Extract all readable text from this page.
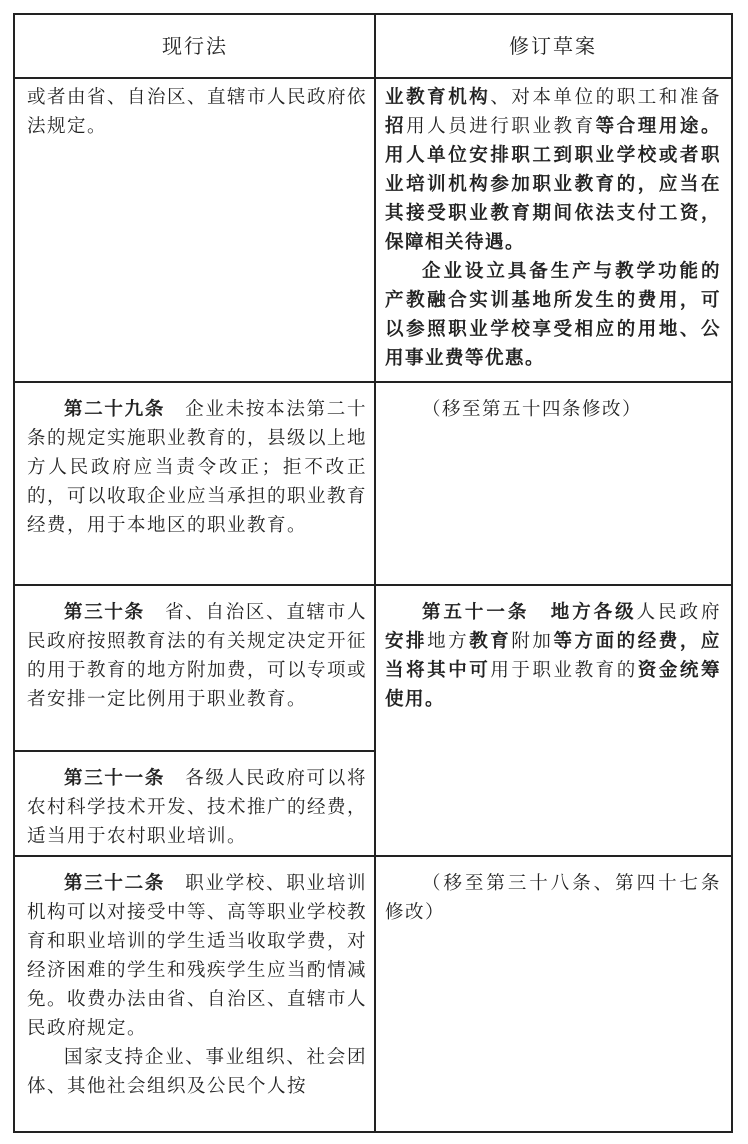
现行法	修订草案

或者由省、自治区、直辖市人民政府依法规定。

业教育机构、对本单位的职工和准备招用人员进行职业教育等合理用途。用人单位安排职工到职业学校或者职业培训机构参加职业教育的，应当在其接受职业教育期间依法支付工资，保障相关待遇。

企业设立具备生产与教学功能的产教融合实训基地所发生的费用，可以参照职业学校享受相应的用地、公用事业费等优惠。

第二十九条　企业未按本法第二十条的规定实施职业教育的，县级以上地方人民政府应当责令改正；拒不改正的，可以收取企业应当承担的职业教育经费，用于本地区的职业教育。

（移至第五十四条修改）

第三十条　省、自治区、直辖市人民政府按照教育法的有关规定决定开征的用于教育的地方附加费，可以专项或者安排一定比例用于职业教育。

第三十一条　各级人民政府可以将农村科学技术开发、技术推广的经费，适当用于农村职业培训。

第五十一条　地方各级人民政府安排地方教育附加等方面的经费，应当将其中可用于职业教育的资金统筹使用。

第三十二条　职业学校、职业培训机构可以对接受中等、高等职业学校教育和职业培训的学生适当收取学费，对经济困难的学生和残疾学生应当酌情减免。收费办法由省、自治区、直辖市人民政府规定。

国家支持企业、事业组织、社会团体、其他社会组织及公民个人按

（移至第三十八条、第四十七条修改）
